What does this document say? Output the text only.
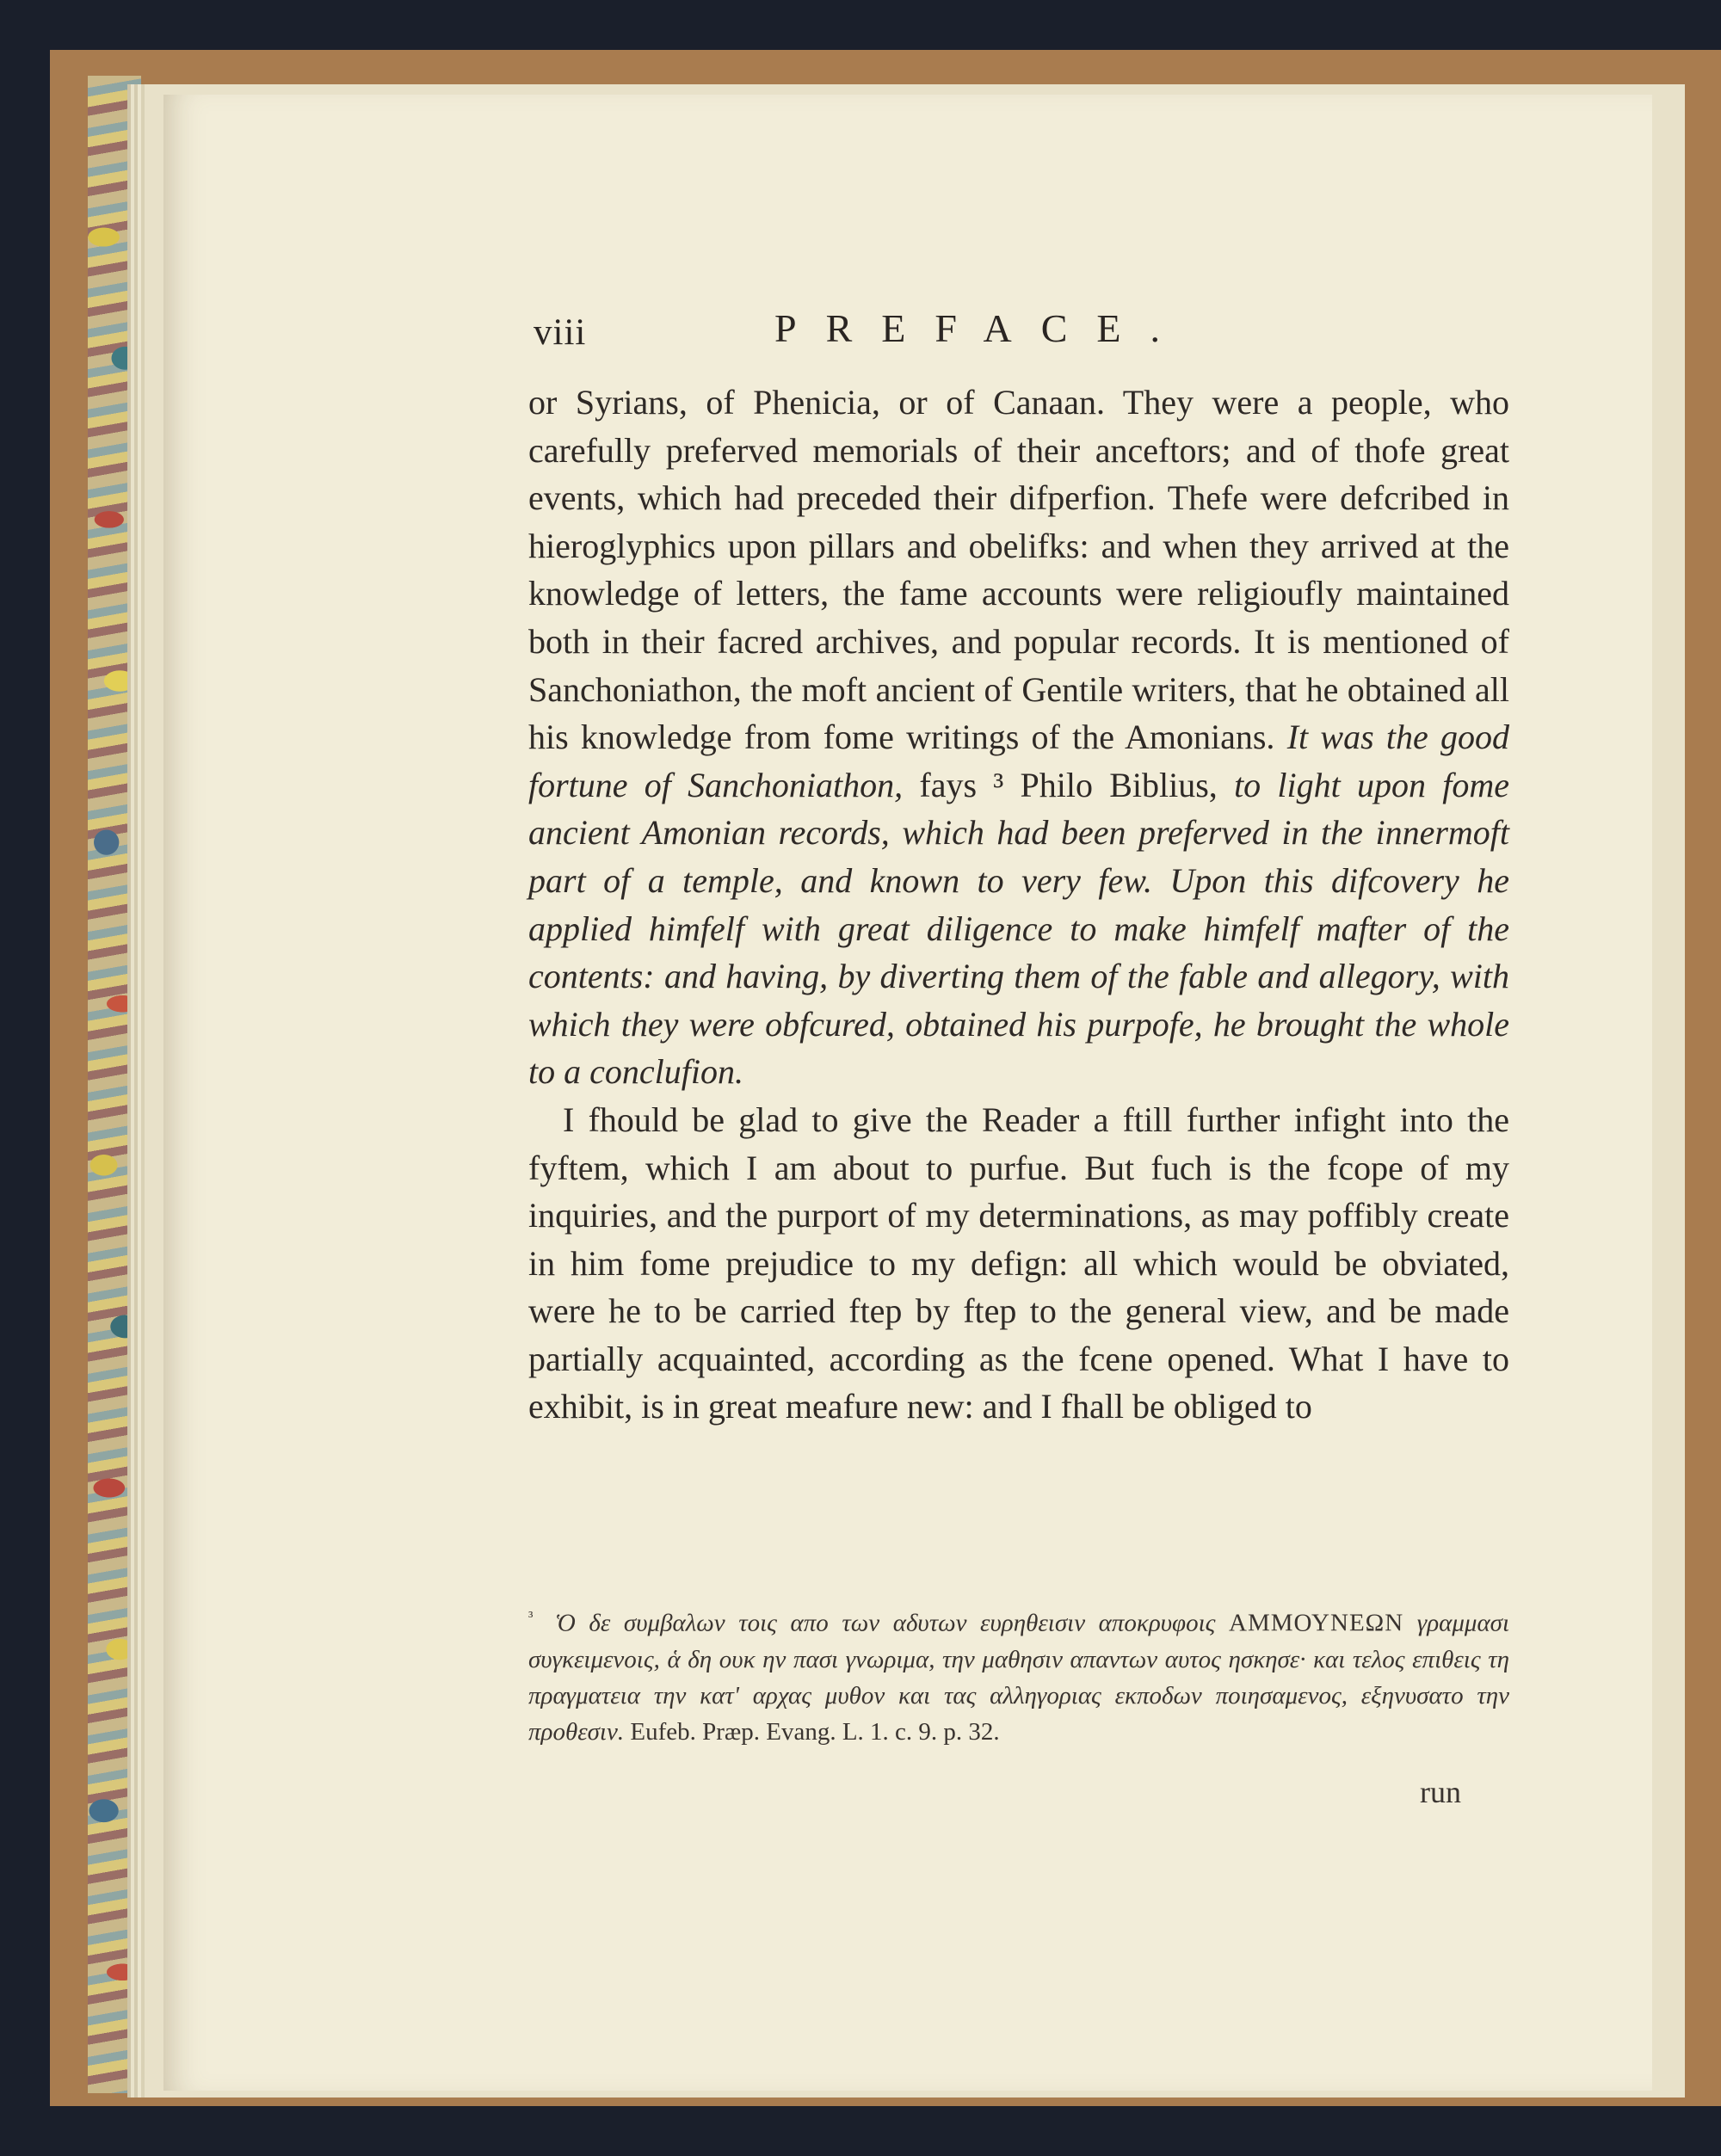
viii	PREFACE.

or Syrians, of Phenicia, or of Canaan. They were a people, who carefully preferved memorials of their anceftors; and of thofe great events, which had preceded their difperfion. Thefe were defcribed in hieroglyphics upon pillars and obelifks: and when they arrived at the knowledge of letters, the fame accounts were religioufly maintained both in their facred archives, and popular records. It is mentioned of Sanchoniathon, the moft ancient of Gentile writers, that he obtained all his knowledge from fome writings of the Amonians. It was the good fortune of Sanchoniathon, fays ³ Philo Biblius, to light upon fome ancient Amonian records, which had been preferved in the innermoft part of a temple, and known to very few. Upon this difcovery he applied himfelf with great diligence to make himfelf mafter of the contents: and having, by diverting them of the fable and allegory, with which they were obfcured, obtained his purpofe, he brought the whole to a conclufion.

I fhould be glad to give the Reader a ftill further infight into the fyftem, which I am about to purfue. But fuch is the fcope of my inquiries, and the purport of my determinations, as may poffibly create in him fome prejudice to my defign: all which would be obviated, were he to be carried ftep by ftep to the general view, and be made partially acquainted, according as the fcene opened. What I have to exhibit, is in great meafure new: and I fhall be obliged to

$^{^3}$ Ὁ δε συμβαλων τοις απο των αδυτων ευρηθεισιν αποκρυφοις ΑΜΜΟΥΝΕΩΝ γραμμασι συγκειμενοις, ἁ δη ουκ ην πασι γνωριμα, την μαθησιν απαντων αυτος ησκησε· και τελος επιθεις τη πραγματεια την κατ' αρχας μυθον και τας αλληγοριας εκποδων ποιησαμενος, εξηνυσατο την προθεσιν. Eufeb. Præp. Evang. L. 1. c. 9. p. 32.
run
